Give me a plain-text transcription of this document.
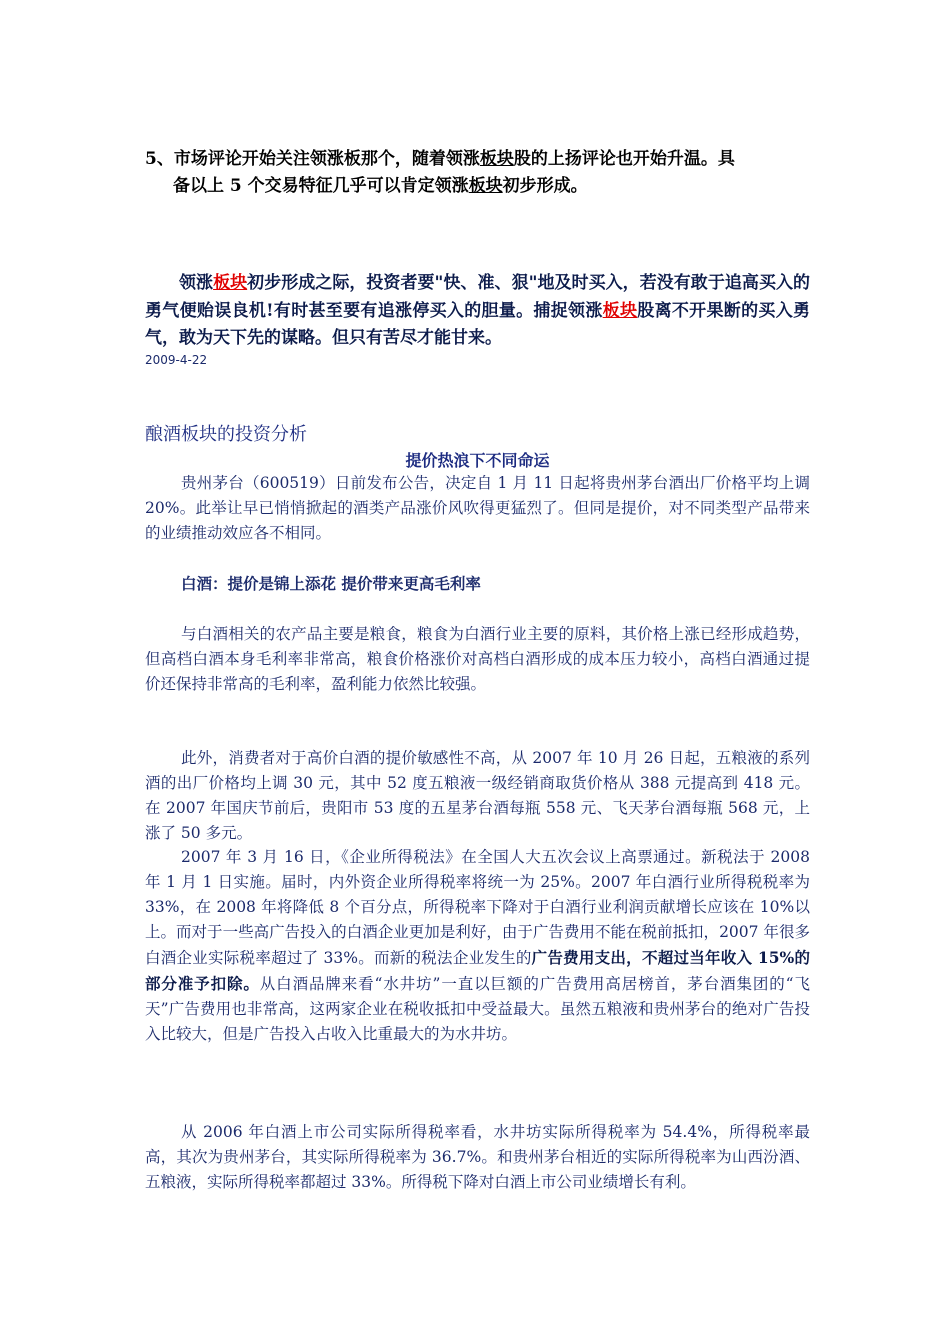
5、市场评论开始关注领涨板那个，随着领涨板块股的上扬评论也开始升温。具
备以上 5 个交易特征几乎可以肯定领涨板块初步形成。
领涨板块初步形成之际，投资者要"快、准、狠"地及时买入，若没有敢于追高买入的勇气便贻误良机!有时甚至要有追涨停买入的胆量。捕捉领涨板块股离不开果断的买入勇气，敢为天下先的谋略。但只有苦尽才能甘来。
2009-4-22
酿酒板块的投资分析
提价热浪下不同命运
贵州茅台（600519）日前发布公告，决定自 1 月 11 日起将贵州茅台酒出厂价格平均上调 20%。此举让早已悄悄掀起的酒类产品涨价风吹得更猛烈了。但同是提价，对不同类型产品带来的业绩推动效应各不相同。
白酒：提价是锦上添花 提价带来更高毛利率
与白酒相关的农产品主要是粮食，粮食为白酒行业主要的原料，其价格上涨已经形成趋势，但高档白酒本身毛利率非常高，粮食价格涨价对高档白酒形成的成本压力较小，高档白酒通过提价还保持非常高的毛利率，盈利能力依然比较强。
此外，消费者对于高价白酒的提价敏感性不高，从 2007 年 10 月 26 日起，五粮液的系列酒的出厂价格均上调 30 元，其中 52 度五粮液一级经销商取货价格从 388 元提高到 418 元。在 2007 年国庆节前后，贵阳市 53 度的五星茅台酒每瓶 558 元、飞天茅台酒每瓶 568 元，上涨了 50 多元。
2007 年 3 月 16 日，《企业所得税法》在全国人大五次会议上高票通过。新税法于 2008 年 1 月 1 日实施。届时，内外资企业所得税率将统一为 25%。2007 年白酒行业所得税税率为 33%，在 2008 年将降低 8 个百分点，所得税率下降对于白酒行业利润贡献增长应该在 10%以上。而对于一些高广告投入的白酒企业更加是利好，由于广告费用不能在税前抵扣，2007 年很多白酒企业实际税率超过了 33%。而新的税法企业发生的广告费用支出，不超过当年收入 15%的部分准予扣除。从白酒品牌来看“水井坊”一直以巨额的广告费用高居榜首，茅台酒集团的“飞天”广告费用也非常高，这两家企业在税收抵扣中受益最大。虽然五粮液和贵州茅台的绝对广告投入比较大，但是广告投入占收入比重最大的为水井坊。
从 2006 年白酒上市公司实际所得税率看，水井坊实际所得税率为 54.4%，所得税率最高，其次为贵州茅台，其实际所得税率为 36.7%。和贵州茅台相近的实际所得税率为山西汾酒、五粮液，实际所得税率都超过 33%。所得税下降对白酒上市公司业绩增长有利。
